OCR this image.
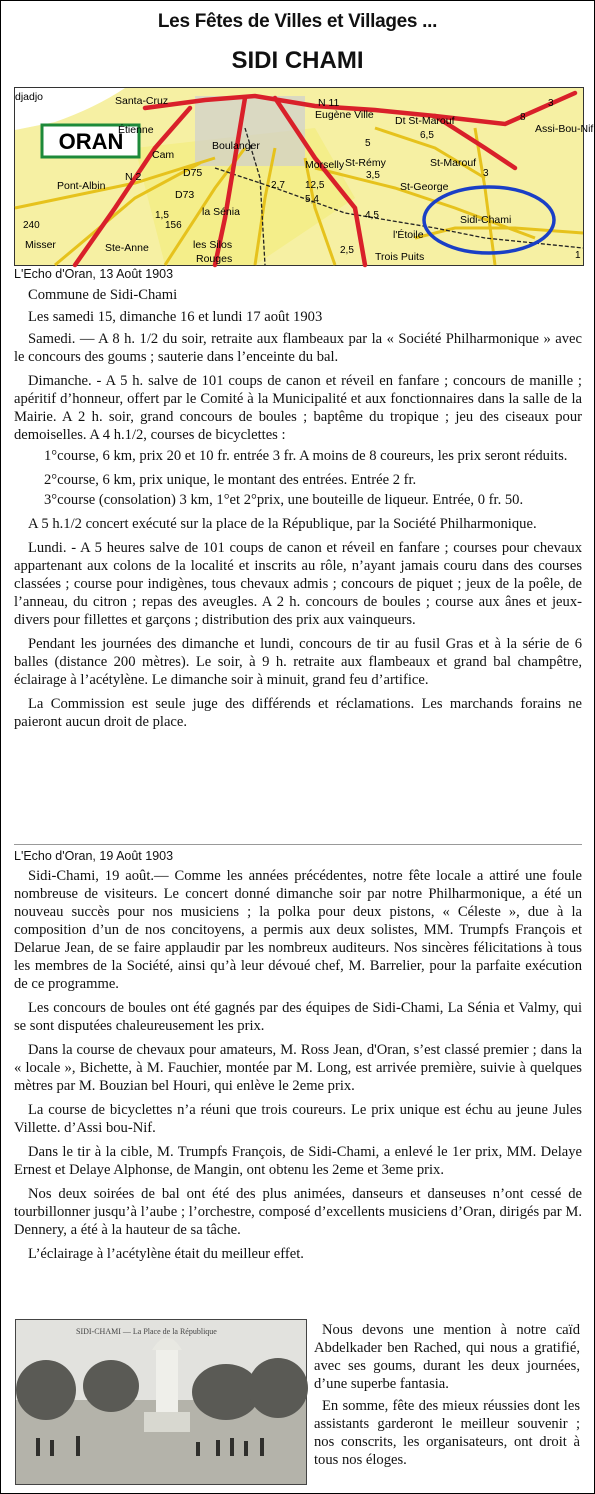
Les Fêtes de Villes et Villages ...
SIDI CHAMI
ORAN
Sidi-Chami
Pont-Albin
Ste-Anne
la Sénia
les Silos
Rouges
Morselly
Dt St-Marouf
St-Marouf
Assi-Bou-Nif
St-Rémy
St-George
l'Étoile
Trois Puits
Santa-Cruz
Étienne
Eugène Ville
Boulanger
Misser
djadjo
Cam
N 11
N 2
D73
D75
3
6,5
8
5
3,5
4,5
3
2,7 12,5
5,4
1,5
2,5
156
240
1
L'Echo d'Oran, 13 Août 1903

Commune de Sidi-Chami

Les samedi 15, dimanche 16 et lundi 17 août 1903

Samedi. — A 8 h. 1/2 du soir, retraite aux flambeaux par la « Société Philharmonique » avec le concours des goums ; sauterie dans l’enceinte du bal.

Dimanche. - A 5 h. salve de 101 coups de canon et réveil en fanfare ; concours de manille ; apéritif d’honneur, offert par le Comité à la Municipalité et aux fonctionnaires dans la salle de la Mairie. A 2 h. soir, grand concours de boules ; baptême du tropique ; jeu des ciseaux pour demoiselles. A 4 h.1/2, courses de bicyclettes :

1°course, 6 km, prix 20 et 10 fr. entrée 3 fr. A moins de 8 coureurs, les prix seront réduits.

2°course, 6 km, prix unique, le montant des entrées. Entrée 2 fr.

3°course (consolation) 3 km, 1°et 2°prix, une bouteille de liqueur. Entrée, 0 fr. 50.

A 5 h.1/2 concert exécuté sur la place de la République, par la Société Philharmonique.

Lundi. - A 5 heures salve de 101 coups de canon et réveil en fanfare ; courses pour chevaux appartenant aux colons de la localité et inscrits au rôle, n’ayant jamais couru dans des courses classées ; course pour indigènes, tous chevaux admis ; concours de piquet ; jeux de la poêle, de l’anneau, du citron ; repas des aveugles. A 2 h. concours de boules ; course aux ânes et jeux-divers pour fillettes et garçons ; distribution des prix aux vainqueurs.

Pendant les journées des dimanche et lundi, concours de tir au fusil Gras et à la série de 6 balles (distance 200 mètres). Le soir, à 9 h. retraite aux flambeaux et grand bal champêtre, éclairage à l’acétylène. Le dimanche soir à minuit, grand feu d’artifice.

La Commission est seule juge des différends et réclamations. Les marchands forains ne paieront aucun droit de place.

L'Echo d'Oran, 19 Août 1903

Sidi-Chami, 19 août.— Comme les années précédentes, notre fête locale a attiré une foule nombreuse de visiteurs. Le concert donné dimanche soir par notre Philharmonique, a été un nouveau succès pour nos musiciens ; la polka pour deux pistons, « Céleste », due à la composition d’un de nos concitoyens, a permis aux deux solistes, MM. Trumpfs François et Delarue Jean, de se faire applaudir par les nombreux auditeurs. Nos sincères félicitations à tous les membres de la Société, ainsi qu’à leur dévoué chef, M. Barrelier, pour la parfaite exécution de ce programme.

Les concours de boules ont été gagnés par des équipes de Sidi-Chami, La Sénia et Valmy, qui se sont disputées chaleureusement les prix.

Dans la course de chevaux pour amateurs, M. Ross Jean, d'Oran, s’est classé premier ; dans la « locale », Bichette, à M. Fauchier, montée par M. Long, est arrivée première, suivie à quelques mètres par M. Bouzian bel Houri, qui enlève le 2eme prix.

La course de bicyclettes n’a réuni que trois coureurs. Le prix unique est échu au jeune Jules Villette. d’Assi bou-Nif.

Dans le tir à la cible, M. Trumpfs François, de Sidi-Chami, a enlevé le 1er prix, MM. Delaye Ernest et Delaye Alphonse, de Mangin, ont obtenu les 2eme et 3eme prix.

Nos deux soirées de bal ont été des plus animées, danseurs et danseuses n’ont cessé de tourbillonner jusqu’à l’aube ; l’orchestre, composé d’excellents musiciens d’Oran, dirigés par M. Dennery, a été à la hauteur de sa tâche.

L’éclairage à l’acétylène était du meilleur effet.

SIDI-CHAMI — La Place de la République	Nous devons une mention à notre caïd Abdelkader ben Rached, qui nous a gratifié, avec ses goums, durant les deux journées, d’une superbe fantasia.

En somme, fête des mieux réussies dont les assistants garderont le meilleur souvenir ; nos conscrits, les organisateurs, ont droit à tous nos éloges.
